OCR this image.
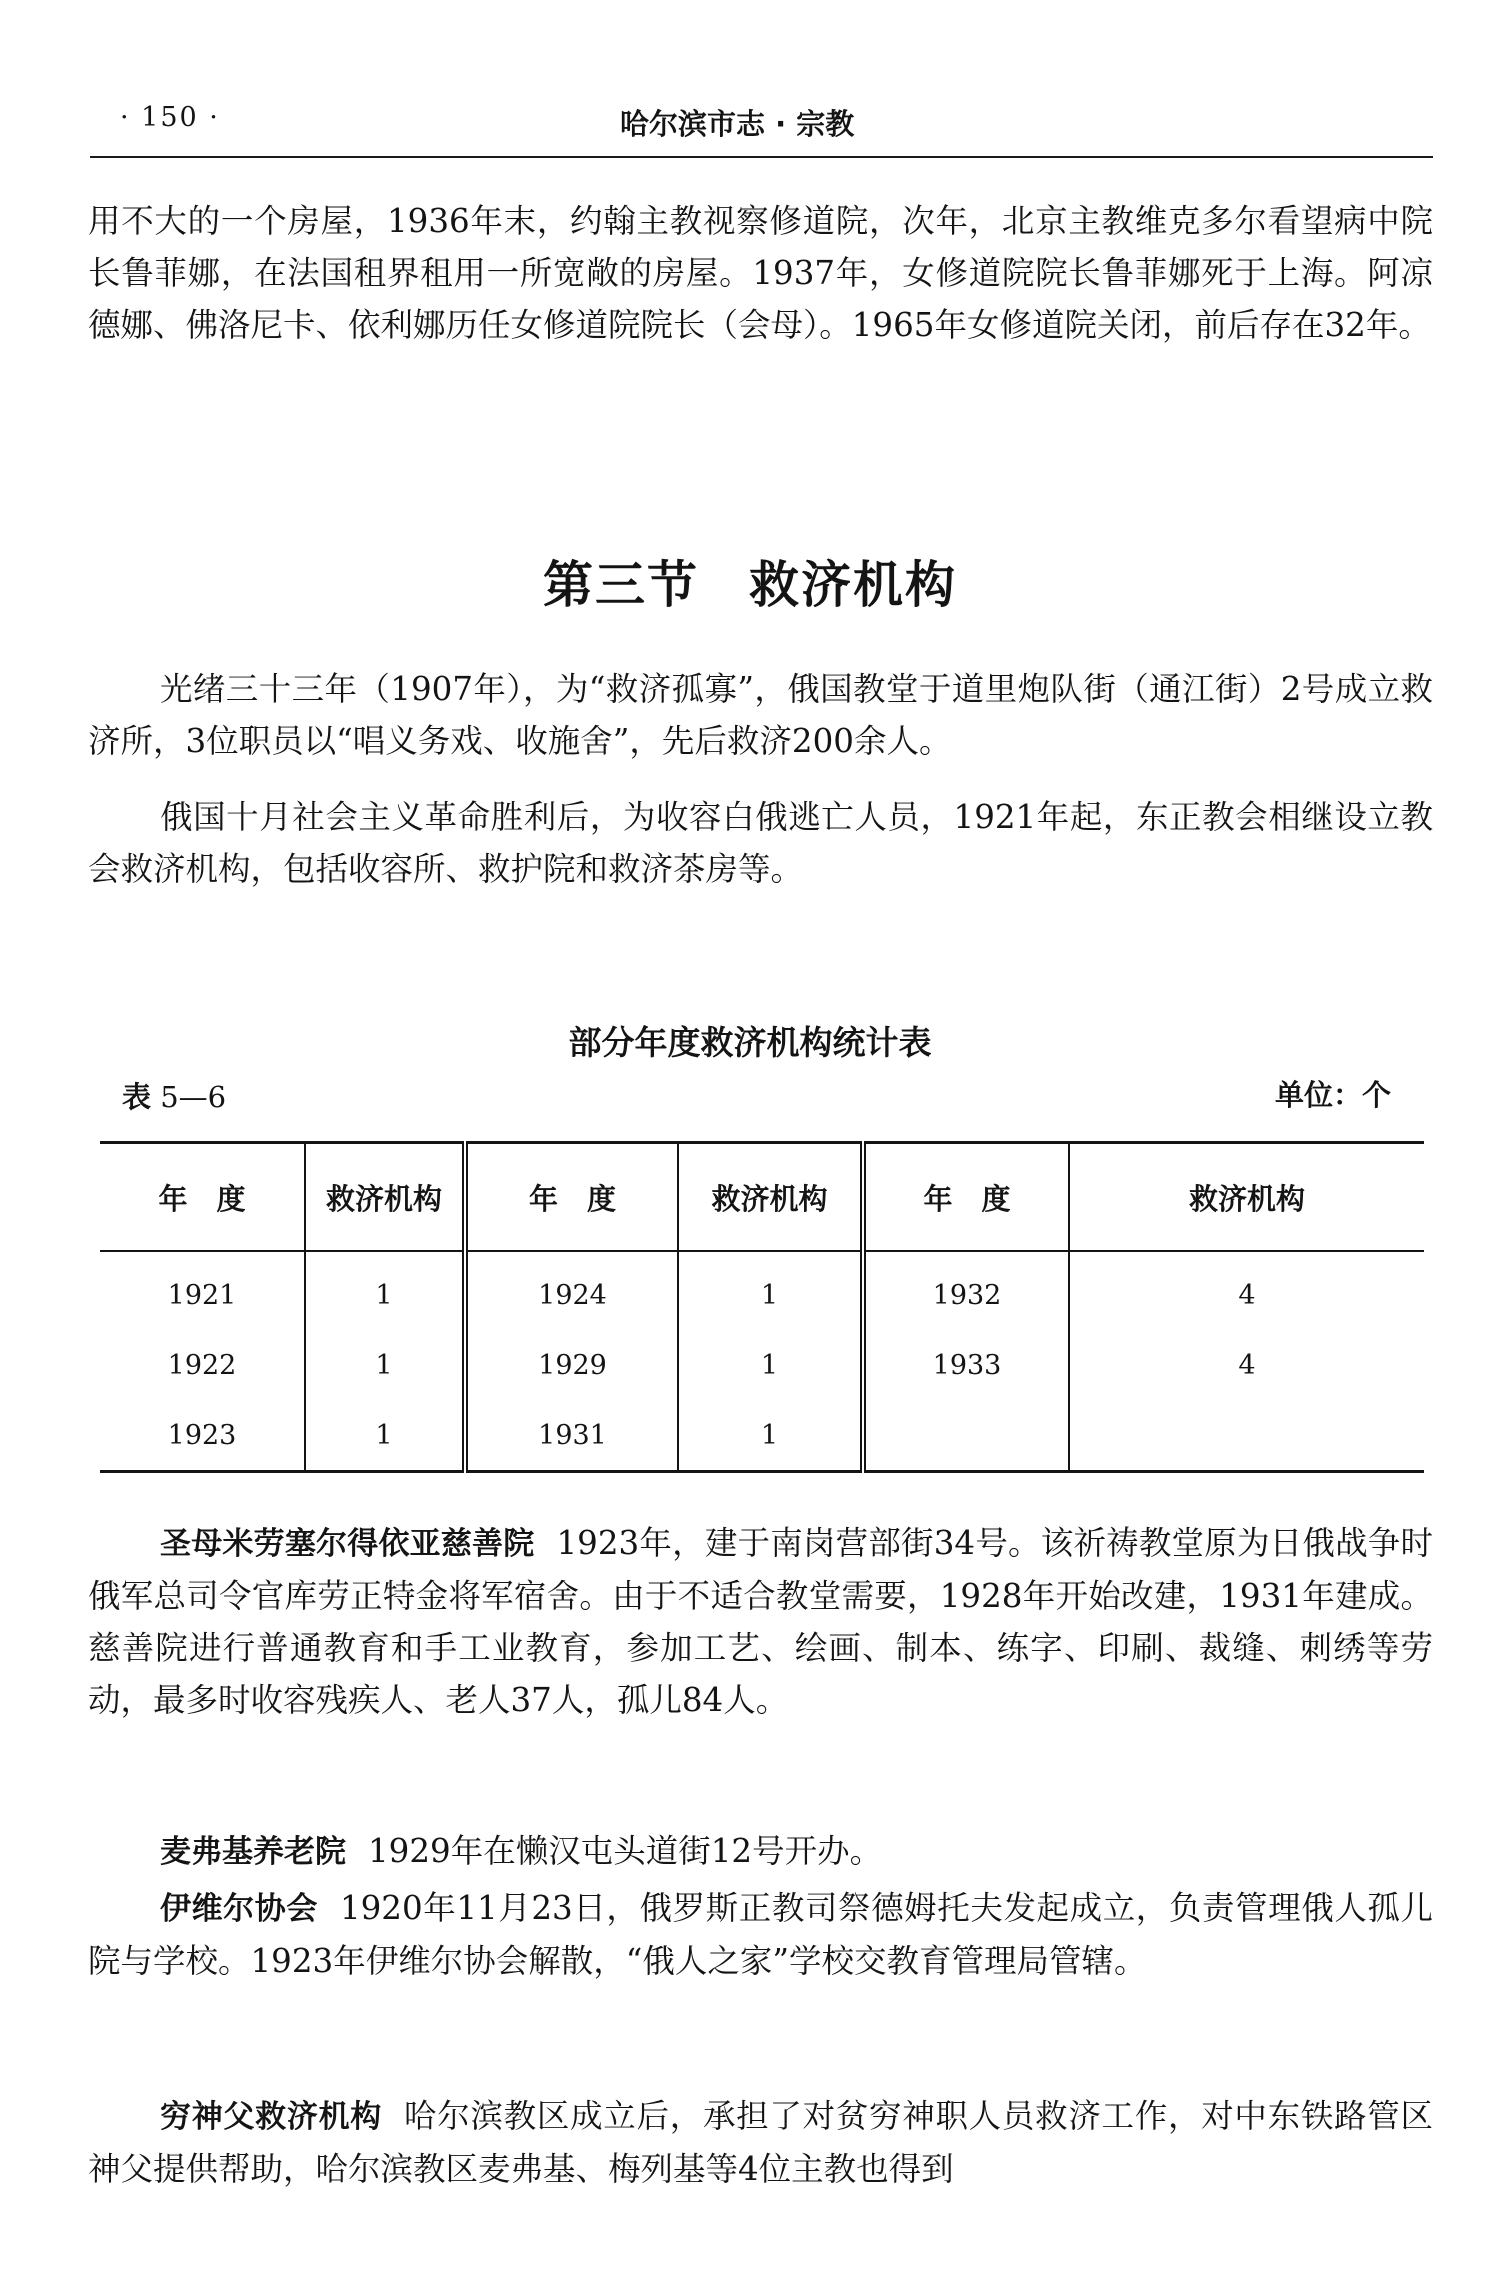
· 150 ·	哈尔滨市志 · 宗教

用不大的一个房屋，1936年末，约翰主教视察修道院，次年，北京主教维克多尔看望病中院长鲁菲娜，在法国租界租用一所宽敞的房屋。1937年，女修道院院长鲁菲娜死于上海。阿凉德娜、佛洛尼卡、依利娜历任女修道院院长（会母）。1965年女修道院关闭，前后存在32年。

第三节 救济机构

光绪三十三年（1907年），为“救济孤寡”，俄国教堂于道里炮队街（通江街）2号成立救济所，3位职员以“唱义务戏、收施舍”，先后救济200余人。

俄国十月社会主义革命胜利后，为收容白俄逃亡人员，1921年起，东正教会相继设立教会救济机构，包括收容所、救护院和救济茶房等。

部分年度救济机构统计表
表 5—6	单位：个
年　度	救济机构	年　度	救济机构	年　度	救济机构
1921	1	1924	1	1932	4
1922	1	1929	1	1933	4
1923	1	1931	1		

圣母米劳塞尔得依亚慈善院 1923年，建于南岗营部街34号。该祈祷教堂原为日俄战争时俄军总司令官库劳正特金将军宿舍。由于不适合教堂需要，1928年开始改建，1931年建成。慈善院进行普通教育和手工业教育，参加工艺、绘画、制本、练字、印刷、裁缝、刺绣等劳动，最多时收容残疾人、老人37人，孤儿84人。

麦弗基养老院 1929年在懒汉屯头道街12号开办。

伊维尔协会 1920年11月23日，俄罗斯正教司祭德姆托夫发起成立，负责管理俄人孤儿院与学校。1923年伊维尔协会解散，“俄人之家”学校交教育管理局管辖。

穷神父救济机构 哈尔滨教区成立后，承担了对贫穷神职人员救济工作，对中东铁路管区神父提供帮助，哈尔滨教区麦弗基、梅列基等4位主教也得到
